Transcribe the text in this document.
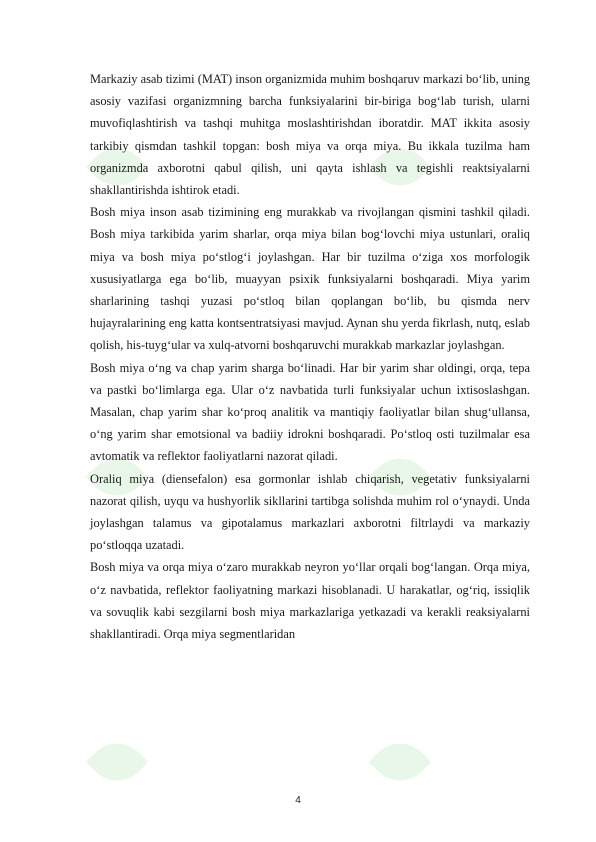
Markaziy asab tizimi (MAT) inson organizmida muhim boshqaruv markazi bo‘lib, uning asosiy vazifasi organizmning barcha funksiyalarini bir-biriga bog‘lab turish, ularni muvofiqlashtirish va tashqi muhitga moslashtirishdan iboratdir. MAT ikkita asosiy tarkibiy qismdan tashkil topgan: bosh miya va orqa miya. Bu ikkala tuzilma ham organizmda axborotni qabul qilish, uni qayta ishlash va tegishli reaktsiyalarni shakllantirishda ishtirok etadi.

Bosh miya inson asab tizimining eng murakkab va rivojlangan qismini tashkil qiladi. Bosh miya tarkibida yarim sharlar, orqa miya bilan bog‘lovchi miya ustunlari, oraliq miya va bosh miya po‘stlog‘i joylashgan. Har bir tuzilma o‘ziga xos morfologik xususiyatlarga ega bo‘lib, muayyan psixik funksiyalarni boshqaradi. Miya yarim sharlarining tashqi yuzasi po‘stloq bilan qoplangan bo‘lib, bu qismda nerv hujayralarining eng katta kontsentratsiyasi mavjud. Aynan shu yerda fikrlash, nutq, eslab qolish, his-tuyg‘ular va xulq-atvorni boshqaruvchi murakkab markazlar joylashgan.

Bosh miya o‘ng va chap yarim sharga bo‘linadi. Har bir yarim shar oldingi, orqa, tepa va pastki bo‘limlarga ega. Ular o‘z navbatida turli funksiyalar uchun ixtisoslashgan. Masalan, chap yarim shar ko‘proq analitik va mantiqiy faoliyatlar bilan shug‘ullansa, o‘ng yarim shar emotsional va badiiy idrokni boshqaradi. Po‘stloq osti tuzilmalar esa avtomatik va reflektor faoliyatlarni nazorat qiladi.

Oraliq miya (diensefalon) esa gormonlar ishlab chiqarish, vegetativ funksiyalarni nazorat qilish, uyqu va hushyorlik sikllarini tartibga solishda muhim rol o‘ynaydi. Unda joylashgan talamus va gipotalamus markazlari axborotni filtrlaydi va markaziy po‘stloqqa uzatadi.

Bosh miya va orqa miya o‘zaro murakkab neyron yo‘llar orqali bog‘langan. Orqa miya, o‘z navbatida, reflektor faoliyatning markazi hisoblanadi. U harakatlar, og‘riq, issiqlik va sovuqlik kabi sezgilarni bosh miya markazlariga yetkazadi va kerakli reaksiyalarni shakllantiradi. Orqa miya segmentlaridan

4
